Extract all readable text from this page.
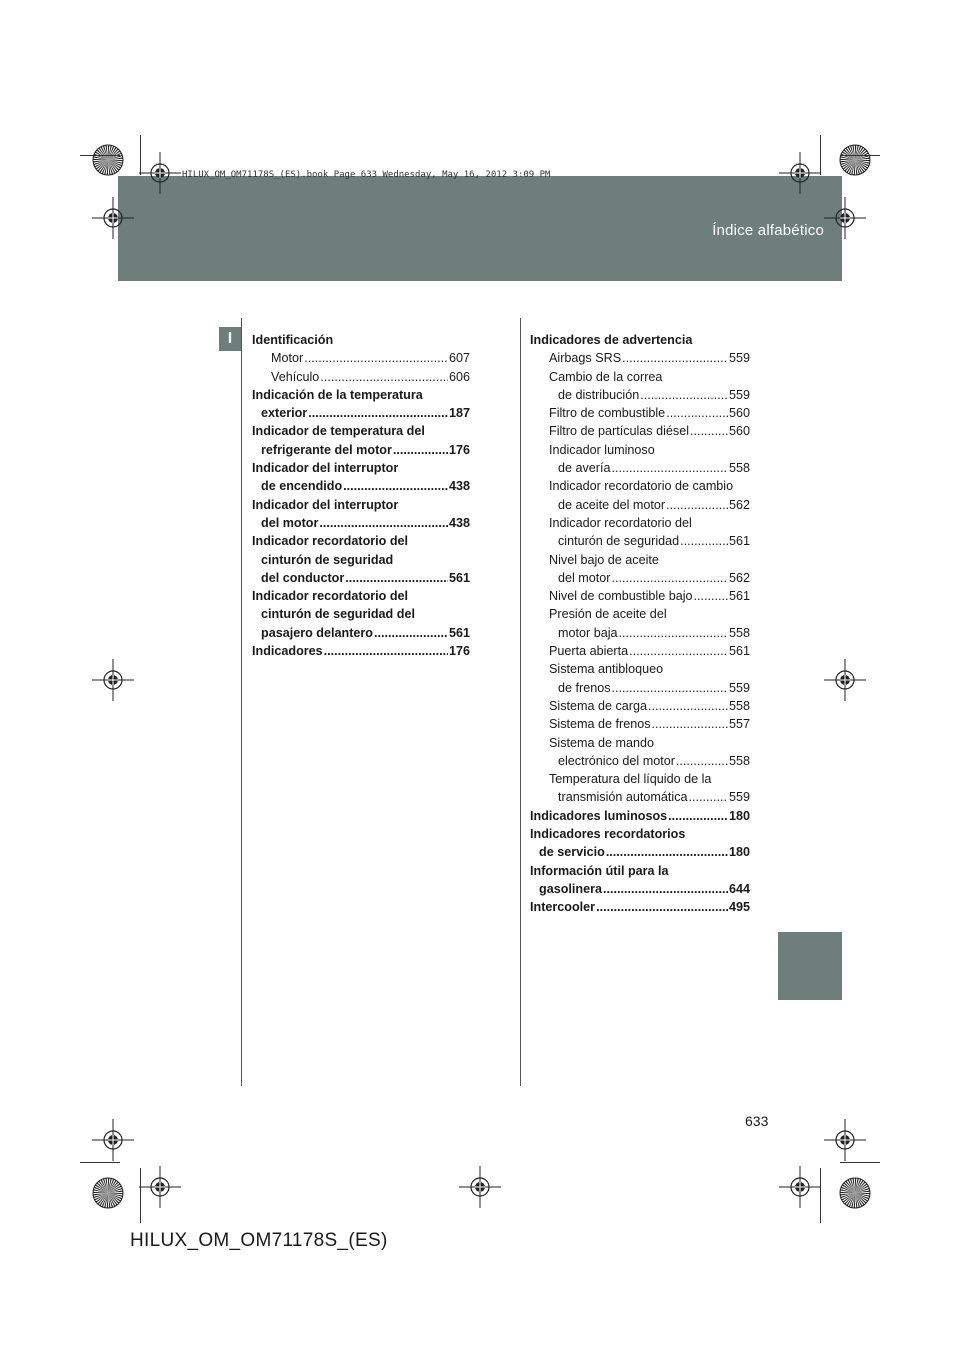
Índice alfabético
HILUX_OM_OM71178S_(ES).book Page 633 Wednesday, May 16, 2012 3:09 PM
I	Identificación
Motor .....	607
Vehículo .....	606
Indicación de la temperatura
exterior .....	187
Indicador de temperatura del
refrigerante del motor .....	176
Indicador del interruptor
de encendido .....	438
Indicador del interruptor
del motor .....	438
Indicador recordatorio del
cinturón de seguridad
del conductor .....	561
Indicador recordatorio del
cinturón de seguridad del
pasajero delantero .....	561
Indicadores .....	176
Indicadores de advertencia
Airbags SRS .....	559
Cambio de la correa
de distribución .....	559
Filtro de combustible .....	560
Filtro de partículas diésel .....	560
Indicador luminoso
de avería .....	558
Indicador recordatorio de cambio
de aceite del motor .....	562
Indicador recordatorio del
cinturón de seguridad .....	561
Nivel bajo de aceite
del motor .....	562
Nivel de combustible bajo .....	561
Presión de aceite del
motor baja .....	558
Puerta abierta .....	561
Sistema antibloqueo
de frenos .....	559
Sistema de carga .....	558
Sistema de frenos .....	557
Sistema de mando
electrónico del motor .....	558
Temperatura del líquido de la
transmisión automática .....	559
Indicadores luminosos .....	180
Indicadores recordatorios
de servicio .....	180
Información útil para la
gasolinera .....	644
Intercooler .....	495
633
HILUX_OM_OM71178S_(ES)
